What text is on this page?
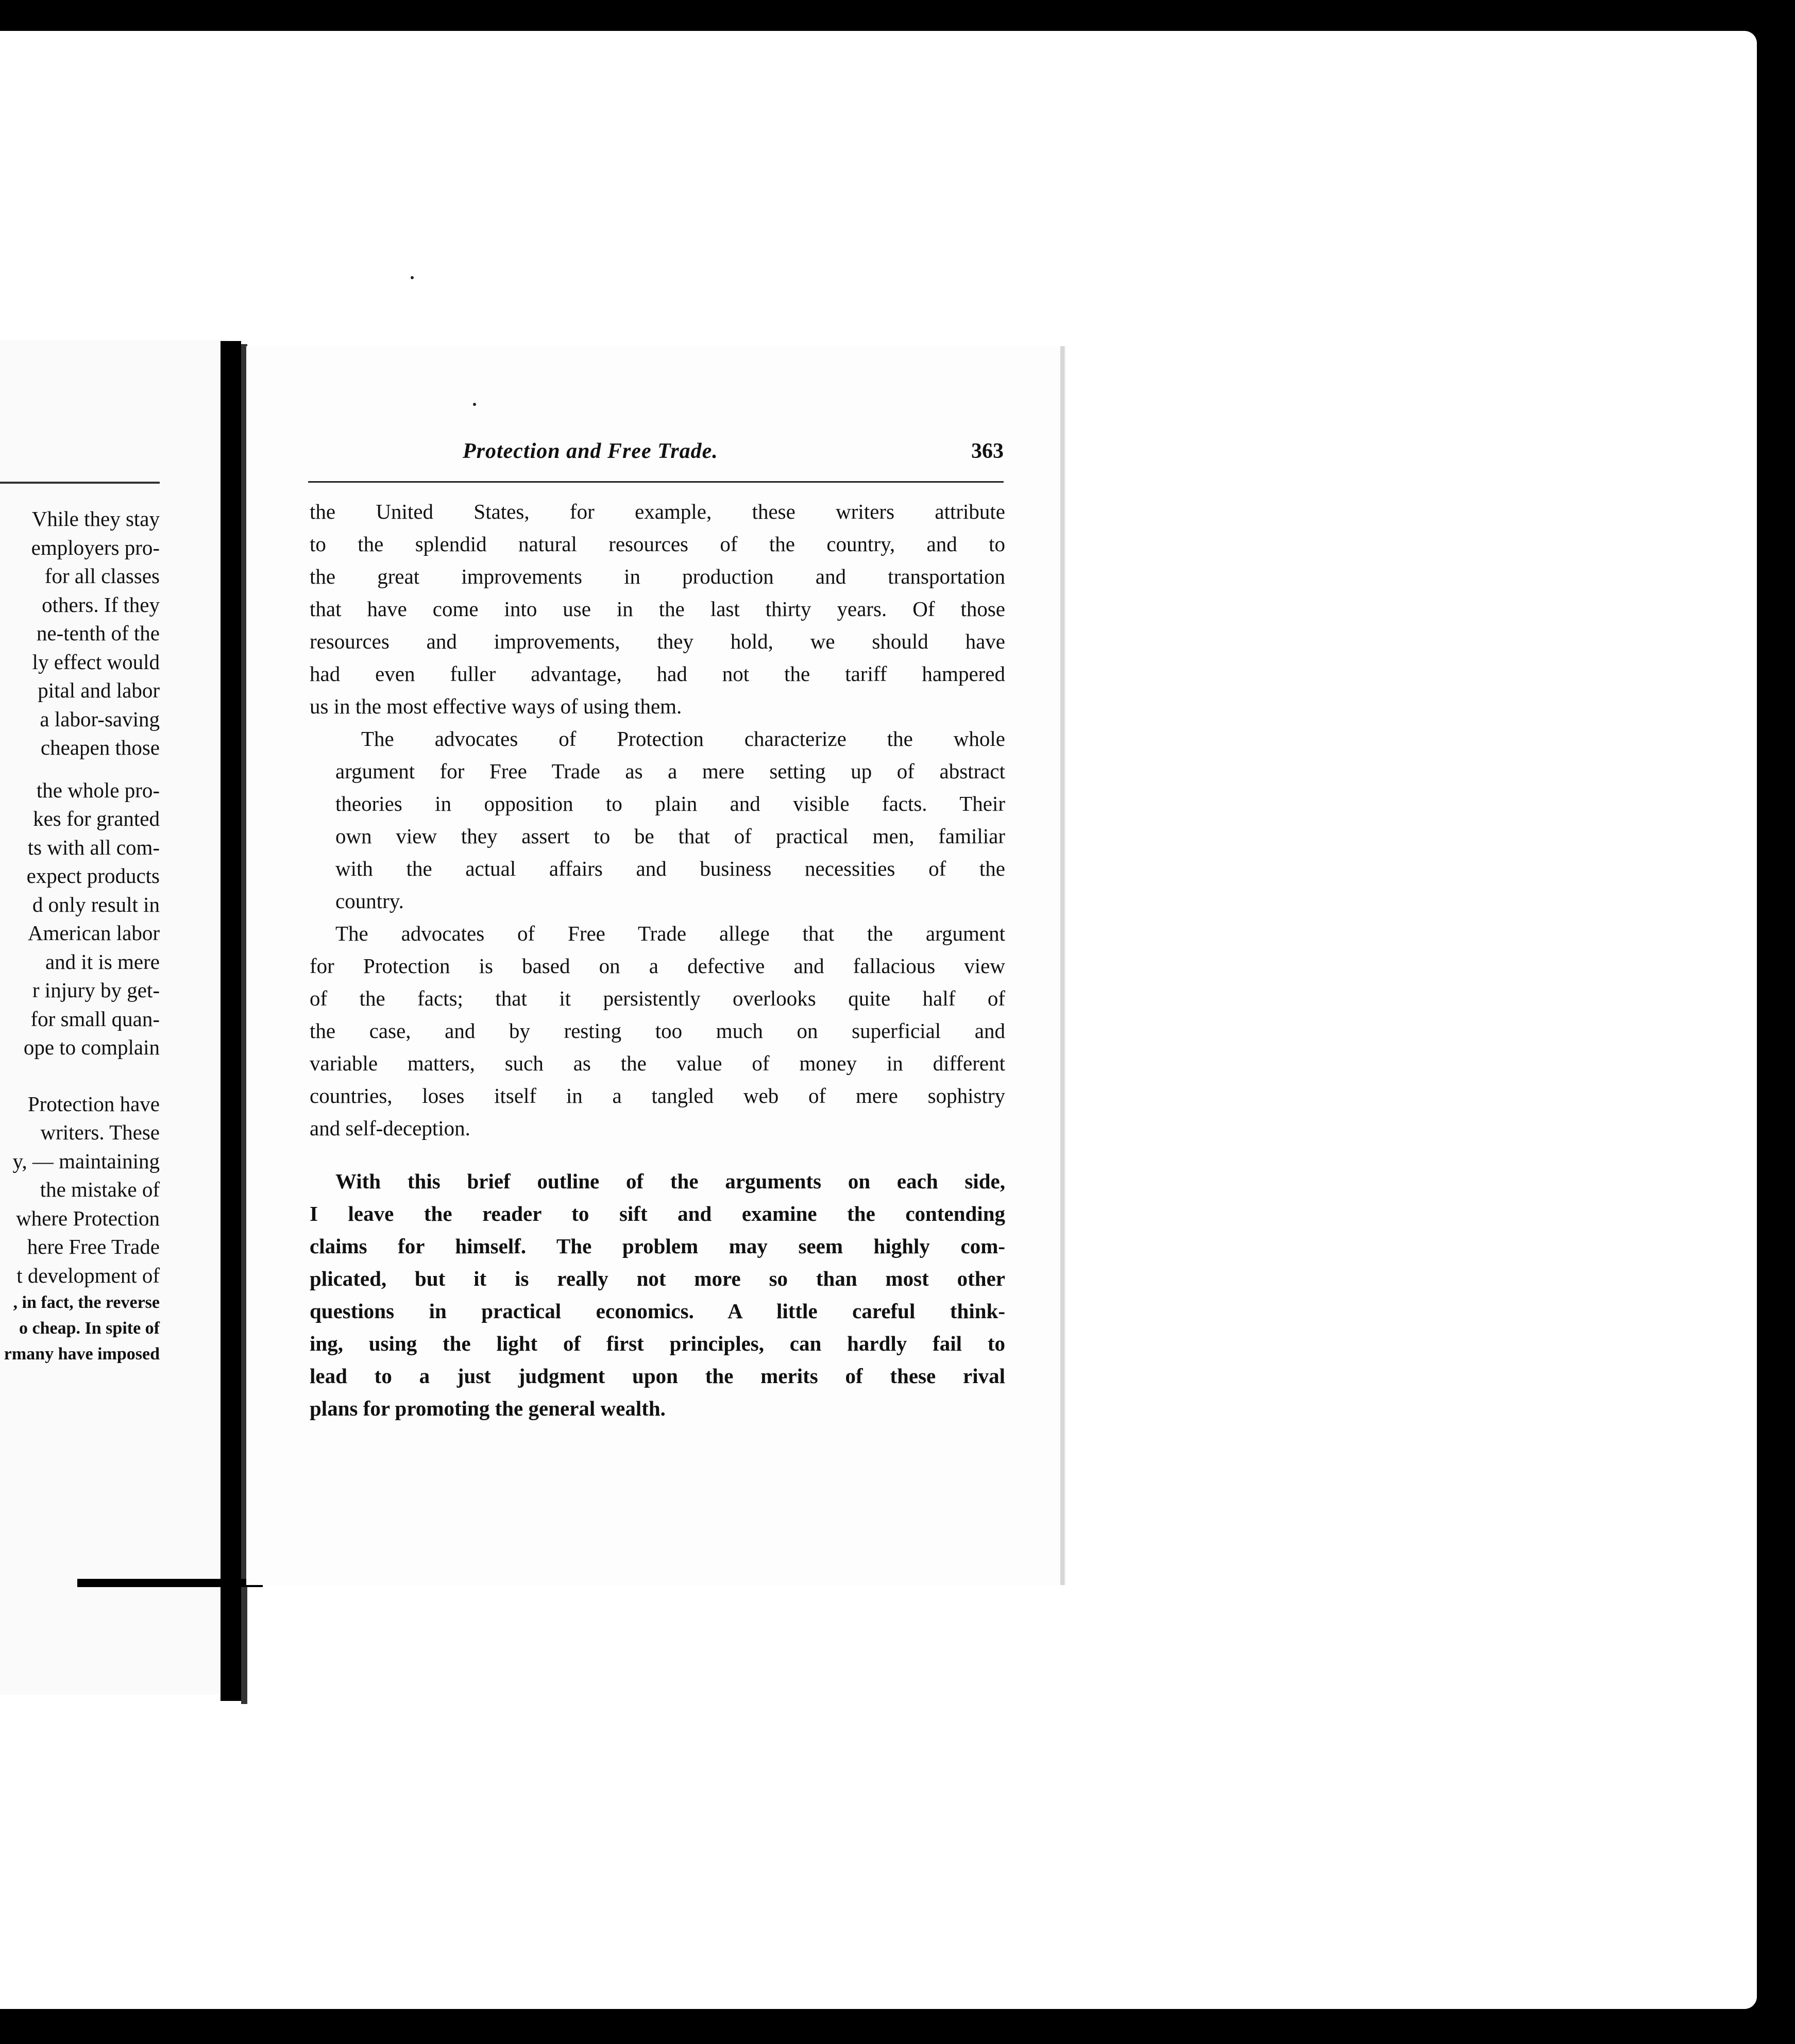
Vhile they stay
employers pro-
for all classes
others. If they
ne-tenth of the
ly effect would
pital and labor
a labor-saving
cheapen those
the whole pro-
kes for granted
ts with all com-
expect products
d only result in
American labor
and it is mere
r injury by get-
for small quan-
ope to complain
Protection have
writers. These
y, — maintaining
the mistake of
where Protection
here Free Trade
t development of
, in fact, the reverse
o cheap. In spite of
rmany have imposed
Protection and Free Trade.	363
the United States, for example, these writers attribute
to the splendid natural resources of the country, and to
the great improvements in production and transportation
that have come into use in the last thirty years. Of those
resources and improvements, they hold, we should have
had even fuller advantage, had not the tariff hampered
us in the most effective ways of using them.
The advocates of Protection characterize the whole
argument for Free Trade as a mere setting up of abstract
theories in opposition to plain and visible facts. Their
own view they assert to be that of practical men, familiar
with the actual affairs and business necessities of the
country.
The advocates of Free Trade allege that the argument
for Protection is based on a defective and fallacious view
of the facts; that it persistently overlooks quite half of
the case, and by resting too much on superficial and
variable matters, such as the value of money in different
countries, loses itself in a tangled web of mere sophistry
and self-deception.
With this brief outline of the arguments on each side,
I leave the reader to sift and examine the contending
claims for himself. The problem may seem highly com-
plicated, but it is really not more so than most other
questions in practical economics. A little careful think-
ing, using the light of first principles, can hardly fail to
lead to a just judgment upon the merits of these rival
plans for promoting the general wealth.
